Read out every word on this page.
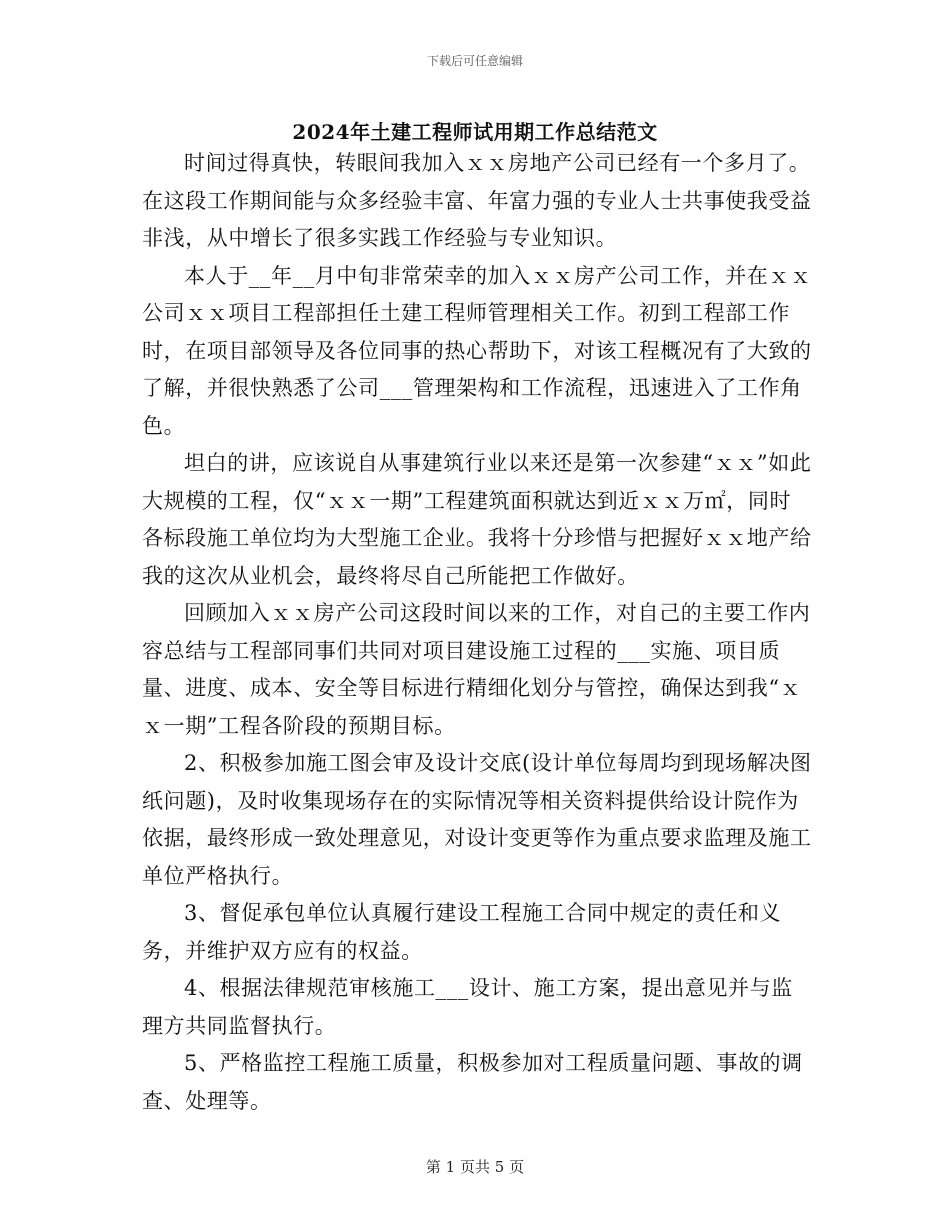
下载后可任意编辑
2024年土建工程师试用期工作总结范文

时间过得真快，转眼间我加入ｘｘ房地产公司已经有一个多月了。在这段工作期间能与众多经验丰富、年富力强的专业人士共事使我受益非浅，从中增长了很多实践工作经验与专业知识。

本人于__年__月中旬非常荣幸的加入ｘｘ房产公司工作，并在ｘｘ公司ｘｘ项目工程部担任土建工程师管理相关工作。初到工程部工作时，在项目部领导及各位同事的热心帮助下，对该工程概况有了大致的了解，并很快熟悉了公司___管理架构和工作流程，迅速进入了工作角色。

坦白的讲，应该说自从事建筑行业以来还是第一次参建“ｘｘ”如此大规模的工程，仅“ｘｘ一期”工程建筑面积就达到近ｘｘ万㎡，同时各标段施工单位均为大型施工企业。我将十分珍惜与把握好ｘｘ地产给我的这次从业机会，最终将尽自己所能把工作做好。

回顾加入ｘｘ房产公司这段时间以来的工作，对自己的主要工作内容总结与工程部同事们共同对项目建设施工过程的___实施、项目质量、进度、成本、安全等目标进行精细化划分与管控，确保达到我“ｘｘ一期”工程各阶段的预期目标。

2、积极参加施工图会审及设计交底(设计单位每周均到现场解决图纸问题)，及时收集现场存在的实际情况等相关资料提供给设计院作为依据，最终形成一致处理意见，对设计变更等作为重点要求监理及施工单位严格执行。

3、督促承包单位认真履行建设工程施工合同中规定的责任和义务，并维护双方应有的权益。

4、根据法律规范审核施工___设计、施工方案，提出意见并与监理方共同监督执行。

5、严格监控工程施工质量，积极参加对工程质量问题、事故的调查、处理等。

第 1 页共 5 页
